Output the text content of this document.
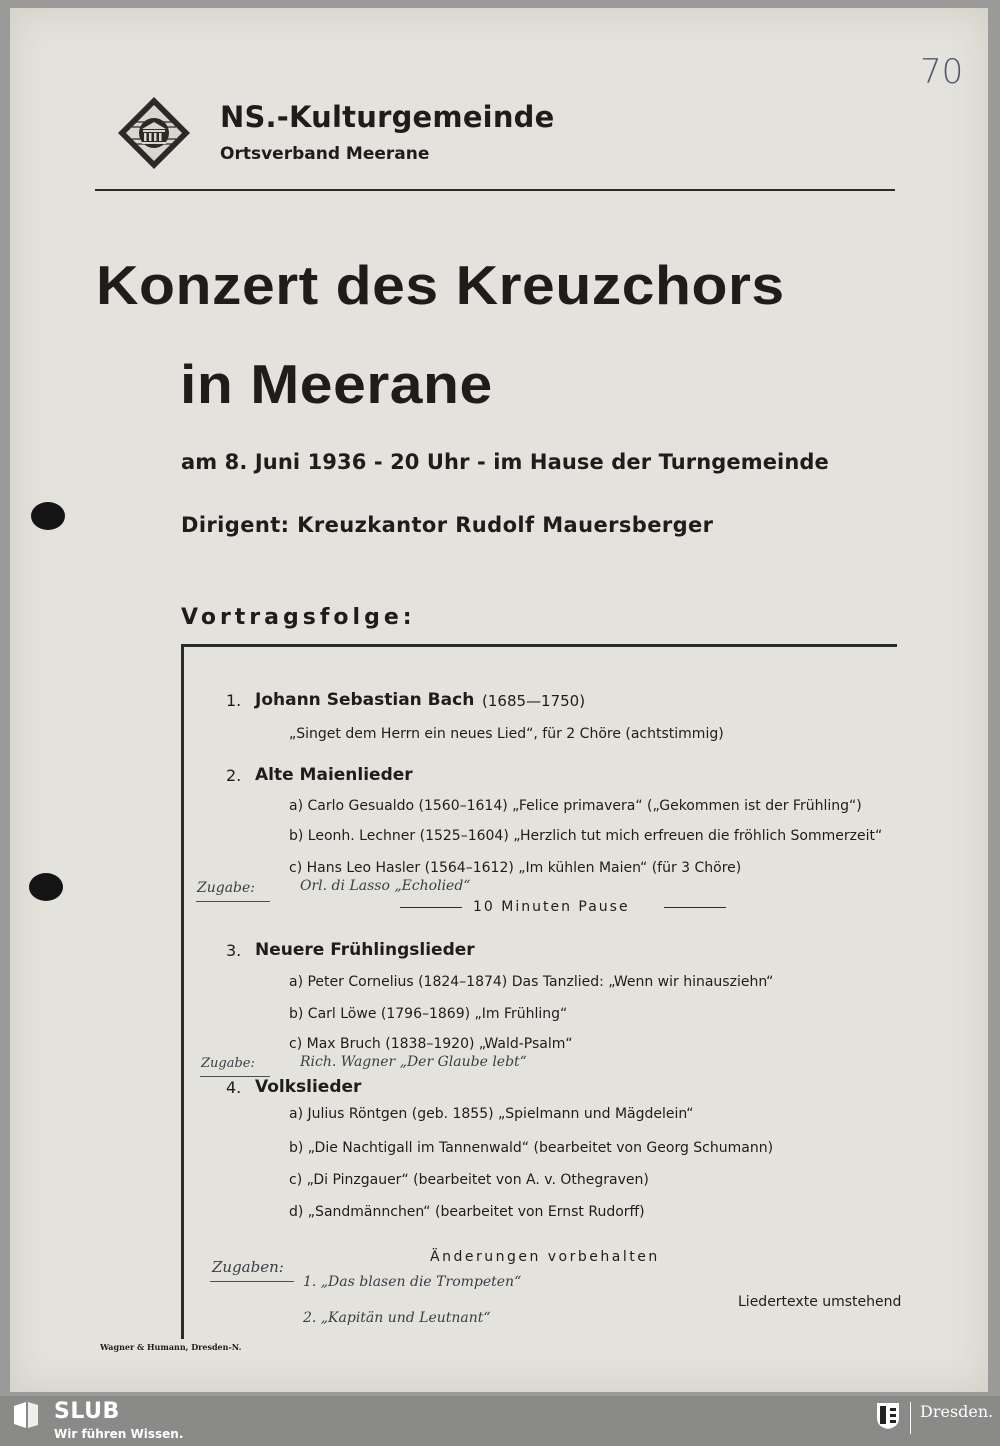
70
NS.-Kulturgemeinde
Ortsverband Meerane
Konzert des Kreuzchors
in Meerane
am 8. Juni 1936 - 20 Uhr - im Hause der Turngemeinde
Dirigent: Kreuzkantor Rudolf Mauersberger
Vortragsfolge:
1. Johann Sebastian Bach (1685—1750)
„Singet dem Herrn ein neues Lied“, für 2 Chöre (achtstimmig)
2. Alte Maienlieder
a) Carlo Gesualdo (1560–1614) „Felice primavera“ („Gekommen ist der Frühling“)
b) Leonh. Lechner (1525–1604) „Herzlich tut mich erfreuen die fröhlich Sommerzeit“
c) Hans Leo Hasler (1564–1612) „Im kühlen Maien“ (für 3 Chöre)
10 Minuten Pause
3. Neuere Frühlingslieder
a) Peter Cornelius (1824–1874) Das Tanzlied: „Wenn wir hinausziehn“
b) Carl Löwe (1796–1869) „Im Frühling“
c) Max Bruch (1838–1920) „Wald-Psalm“
4. Volkslieder
a) Julius Röntgen (geb. 1855) „Spielmann und Mägdelein“
b) „Die Nachtigall im Tannenwald“ (bearbeitet von Georg Schumann)
c) „Di Pinzgauer“ (bearbeitet von A. v. Othegraven)
d) „Sandmännchen“ (bearbeitet von Ernst Rudorff)
Änderungen vorbehalten
Liedertexte umstehend
Wagner & Humann, Dresden-N.
Zugabe:	Orl. di Lasso „Echolied“
Zugabe:	Rich. Wagner „Der Glaube lebt“
Zugaben:
1. „Das blasen die Trompeten“
2. „Kapitän und Leutnant“
SLUB
Wir führen Wissen.
Dresden.
